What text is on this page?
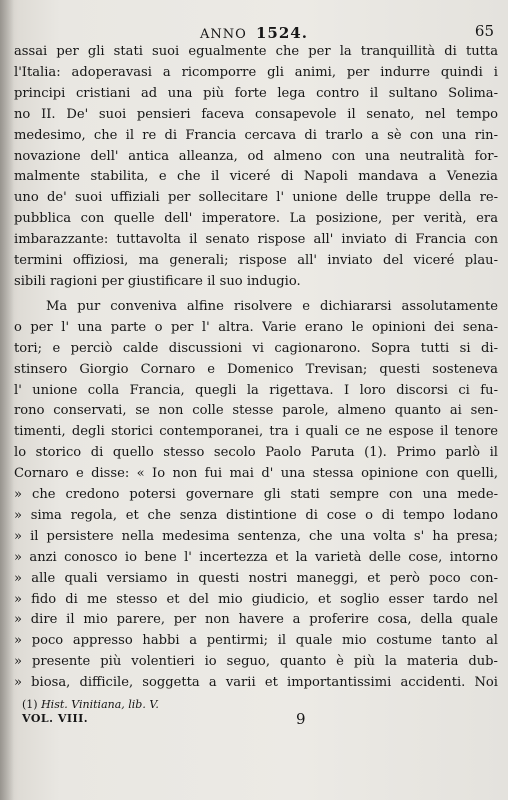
ANNO 1524.	65
assai per gli stati suoi egualmente che per la tranquillità di tutta
l'Italia: adoperavasi a ricomporre gli animi, per indurre quindi i
principi cristiani ad una più forte lega contro il sultano Solima-
no II. De' suoi pensieri faceva consapevole il senato, nel tempo
medesimo, che il re di Francia cercava di trarlo a sè con una rin-
novazione dell' antica alleanza, od almeno con una neutralità for-
malmente stabilita, e che il viceré di Napoli mandava a Venezia
uno de' suoi uffiziali per sollecitare l' unione delle truppe della re-
pubblica con quelle dell' imperatore. La posizione, per verità, era
imbarazzante: tuttavolta il senato rispose all' inviato di Francia con
termini offiziosi, ma generali; rispose all' inviato del viceré plau-
sibili ragioni per giustificare il suo indugio.
Ma pur conveniva alfine risolvere e dichiararsi assolutamente
o per l' una parte o per l' altra. Varie erano le opinioni dei sena-
tori; e perciò calde discussioni vi cagionarono. Sopra tutti si di-
stinsero Giorgio Cornaro e Domenico Trevisan; questi sosteneva
l' unione colla Francia, quegli la rigettava. I loro discorsi ci fu-
rono conservati, se non colle stesse parole, almeno quanto ai sen-
timenti, degli storici contemporanei, tra i quali ce ne espose il tenore
lo storico di quello stesso secolo Paolo Paruta (1). Primo parlò il
Cornaro e disse: « Io non fui mai d' una stessa opinione con quelli,
» che credono potersi governare gli stati sempre con una mede-
» sima regola, et che senza distintione di cose o di tempo lodano
» il persistere nella medesima sentenza, che una volta s' ha presa;
» anzi conosco io bene l' incertezza et la varietà delle cose, intorno
» alle quali versiamo in questi nostri maneggi, et però poco con-
» fido di me stesso et del mio giudicio, et soglio esser tardo nel
» dire il mio parere, per non havere a proferire cosa, della quale
» poco appresso habbi a pentirmi; il quale mio costume tanto al
» presente più volentieri io seguo, quanto è più la materia dub-
» biosa, difficile, soggetta a varii et importantissimi accidenti. Noi
(1) Hist. Vinitiana, lib. V.
VOL. VIII.	9
